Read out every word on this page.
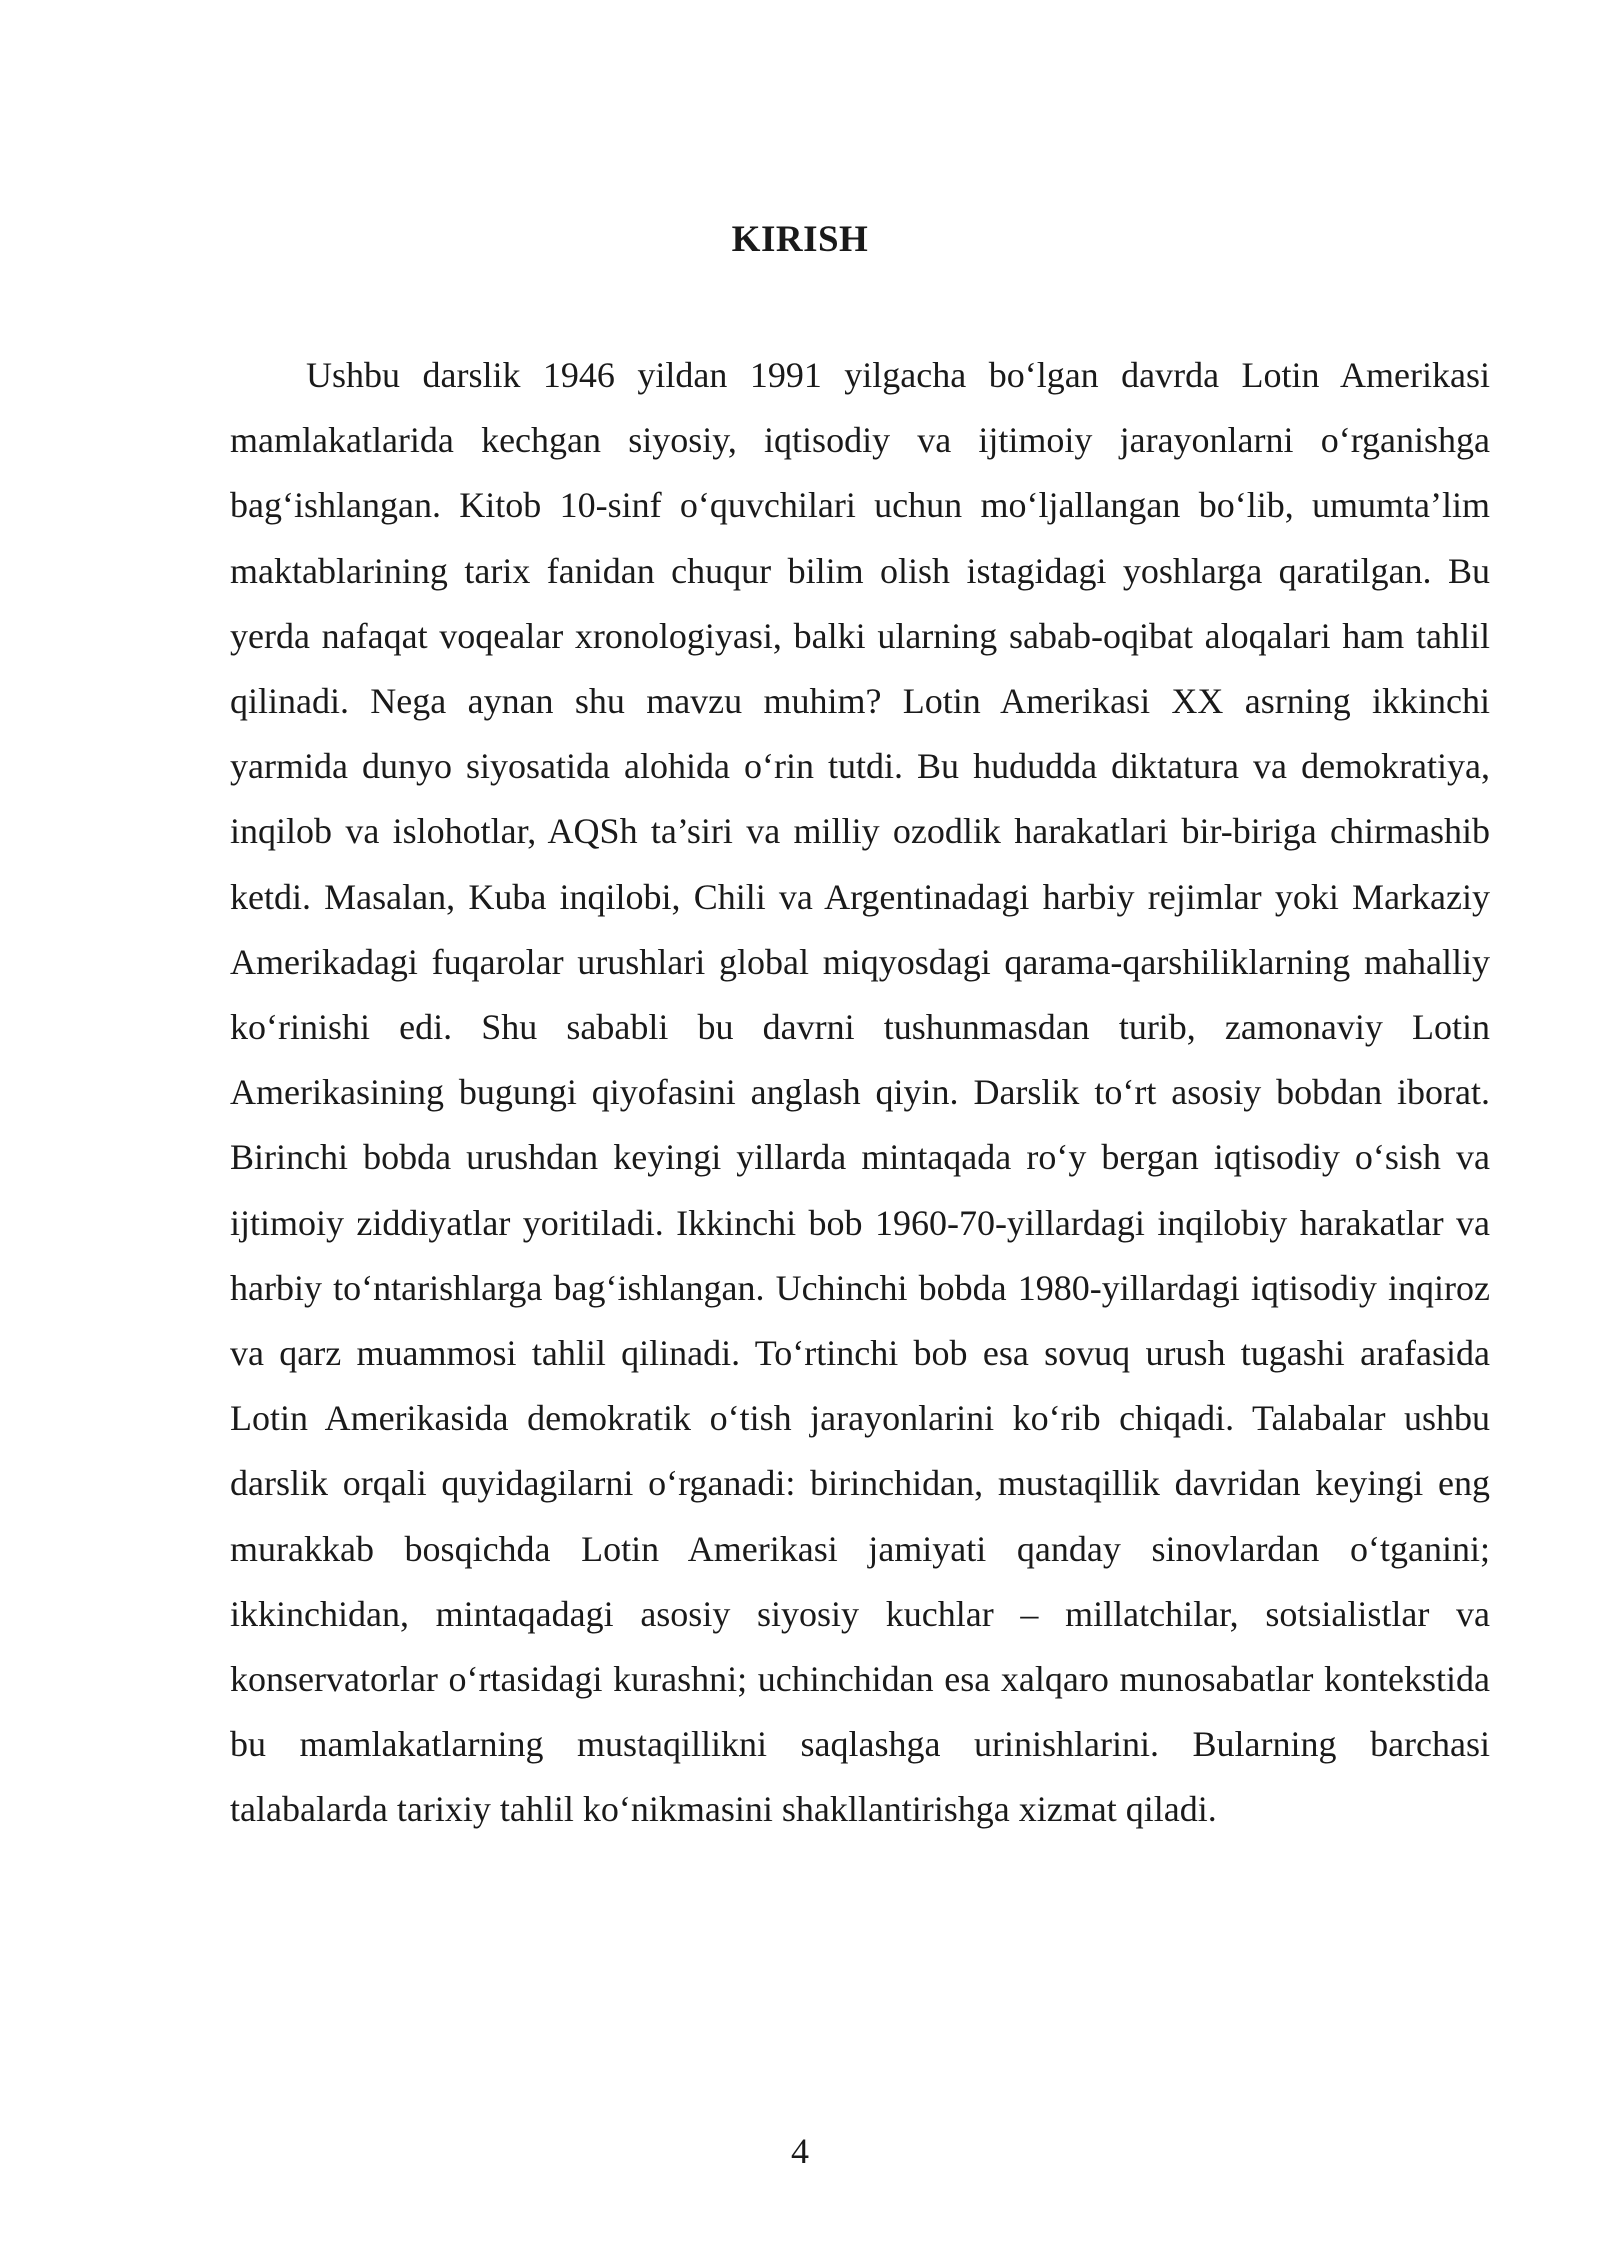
KIRISH

Ushbu darslik 1946 yildan 1991 yilgacha bo‘lgan davrda Lotin Amerikasi mamlakatlarida kechgan siyosiy, iqtisodiy va ijtimoiy jarayonlarni o‘rganishga bag‘ishlangan. Kitob 10-sinf o‘quvchilari uchun mo‘ljallangan bo‘lib, umumta’lim maktablarining tarix fanidan chuqur bilim olish istagidagi yoshlarga qaratilgan. Bu yerda nafaqat voqealar xronologiyasi, balki ularning sabab-oqibat aloqalari ham tahlil qilinadi. Nega aynan shu mavzu muhim? Lotin Amerikasi XX asrning ikkinchi yarmida dunyo siyosatida alohida o‘rin tutdi. Bu hududda diktatura va demokratiya, inqilob va islohotlar, AQSh ta’siri va milliy ozodlik harakatlari bir-biriga chirmashib ketdi. Masalan, Kuba inqilobi, Chili va Argentinadagi harbiy rejimlar yoki Markaziy Amerikadagi fuqarolar urushlari global miqyosdagi qarama-qarshiliklarning mahalliy ko‘rinishi edi. Shu sababli bu davrni tushunmasdan turib, zamonaviy Lotin Amerikasining bugungi qiyofasini anglash qiyin. Darslik to‘rt asosiy bobdan iborat. Birinchi bobda urushdan keyingi yillarda mintaqada ro‘y bergan iqtisodiy o‘sish va ijtimoiy ziddiyatlar yoritiladi. Ikkinchi bob 1960-70-yillardagi inqilobiy harakatlar va harbiy to‘ntarishlarga bag‘ishlangan. Uchinchi bobda 1980-yillardagi iqtisodiy inqiroz va qarz muammosi tahlil qilinadi. To‘rtinchi bob esa sovuq urush tugashi arafasida Lotin Amerikasida demokratik o‘tish jarayonlarini ko‘rib chiqadi. Talabalar ushbu darslik orqali quyidagilarni o‘rganadi: birinchidan, mustaqillik davridan keyingi eng murakkab bosqichda Lotin Amerikasi jamiyati qanday sinovlardan o‘tganini; ikkinchidan, mintaqadagi asosiy siyosiy kuchlar – millatchilar, sotsialistlar va konservatorlar o‘rtasidagi kurashni; uchinchidan esa xalqaro munosabatlar kontekstida bu mamlakatlarning mustaqillikni saqlashga urinishlarini. Bularning barchasi talabalarda tarixiy tahlil ko‘nikmasini shakllantirishga xizmat qiladi.

4
